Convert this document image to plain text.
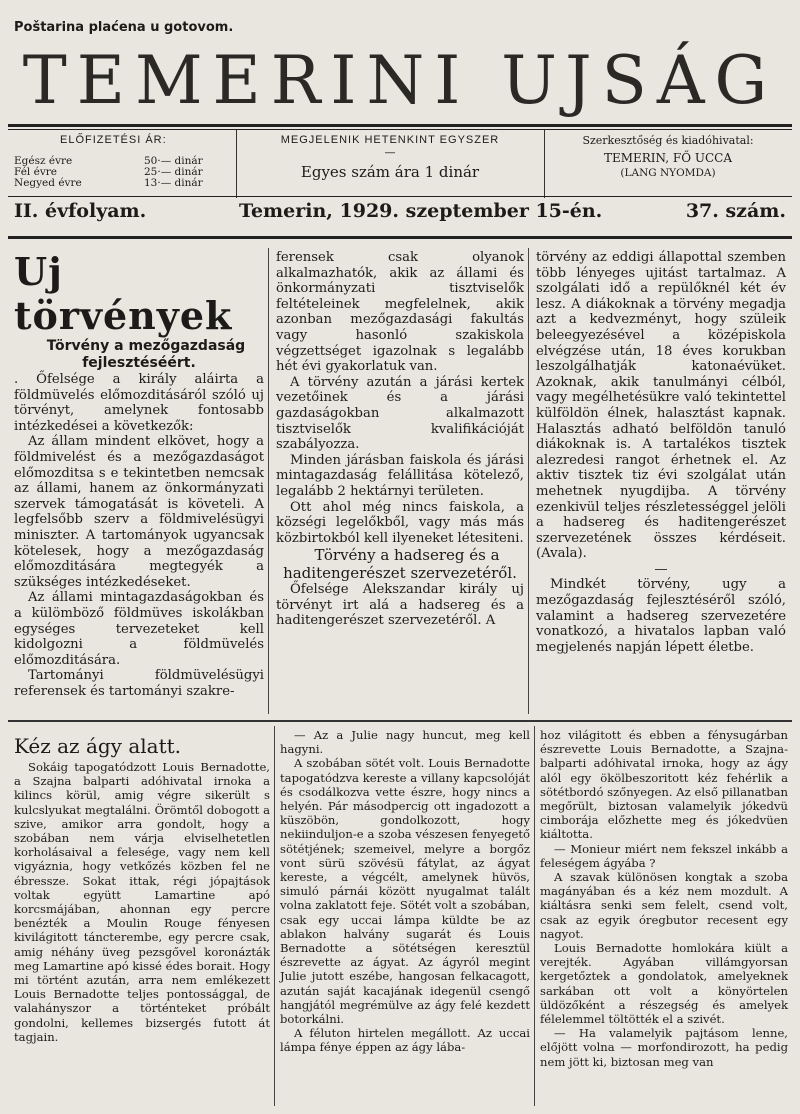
Poštarina plaćena u gotovom.
TEMERINI UJSÁG
ELŐFIZETÉSI ÁR:
Egész évre	50·— dinár
Fél évre	25·— dinár
Negyed évre	13·— dinár
MEGJELENIK HETENKINT EGYSZER
—
Egyes szám ára 1 dinár
Szerkesztőség és kiadóhivatal:
TEMERIN, FŐ UCCA
(LANG NYOMDA)
II. évfolyam.	Temerin, 1929. szeptember 15-én.	37. szám.

Uj törvények

Törvény a mezőgazdaság fejlesztéséért.

. Őfelsége a király aláirta a földmüvelés előmozditásáról szóló uj törvényt, amelynek fontosabb intézkedései a következők:

Az állam mindent elkövet, hogy a földmivelést és a mezőgazdaságot előmozditsa s e tekintetben nemcsak az állami, hanem az önkormányzati szervek támogatását is követeli. A legfelsőbb szerv a földmivelésügyi miniszter. A tartományok ugyancsak kötelesek, hogy a mezőgazdaság előmozditására megtegyék a szükséges intézkedéseket.

Az állami mintagazdaságokban és a külömböző földmüves iskolákban egységes tervezeteket kell kidolgozni a földmüvelés előmozditására.

Tartományi földmüvelésügyi referensek és tartományi szakre-

ferensek csak olyanok alkalmazhatók, akik az állami és önkormányzati tisztviselők feltételeinek megfelelnek, akik azonban mezőgazdasági fakultás vagy hasonló szakiskola végzettséget igazolnak s legalább hét évi gyakorlatuk van.

A törvény azután a járási kertek vezetőinek és a járási gazdaságokban alkalmazott tisztviselők kvalifikációját szabályozza.

Minden járásban faiskola és járási mintagazdaság felállitása kötelező, legalább 2 hektárnyi területen.

Ott ahol még nincs faiskola, a községi legelőkből, vagy más más közbirtokból kell ilyeneket létesiteni.

Törvény a hadsereg és a haditengerészet szervezetéről.

Őfelsége Alekszandar király uj törvényt irt alá a hadsereg és a haditengerészet szervezetéről. A

törvény az eddigi állapottal szemben több lényeges ujitást tartalmaz. A szolgálati idő a repülőknél két év lesz. A diákoknak a törvény megadja azt a kedvezményt, hogy szüleik beleegyezésével a középiskola elvégzése után, 18 éves korukban leszolgálhatják katonaévüket. Azoknak, akik tanulmányi célból, vagy megélhetésükre való tekintettel külföldön élnek, halasztást kapnak. Halasztás adható belföldön tanuló diákoknak is. A tartalékos tisztek alezredesi rangot érhetnek el. Az aktiv tisztek tiz évi szolgálat után mehetnek nyugdijba. A törvény ezenkivül teljes részletességgel jelöli a hadsereg és haditengerészet szervezetének összes kérdéseit. (Avala).

—

Mindkét törvény, ugy a mezőgazdaság fejlesztéséről szóló, valamint a hadsereg szervezetére vonatkozó, a hivatalos lapban való megjelenés napján lépett életbe.

Kéz az ágy alatt.

Sokáig tapogatódzott Louis Bernadotte, a Szajna balparti adóhivatal irnoka a kilincs körül, amig végre sikerült s kulcslyukat megtalálni. Örömtől dobogott a szive, amikor arra gondolt, hogy a szobában nem várja elviselhetetlen korholásaival a felesége, vagy nem kell vigyáznia, hogy vetkőzés közben fel ne ébressze. Sokat ittak, régi jópajtások voltak együtt Lamartine apó korcsmájában, ahonnan egy percre benézték a Moulin Rouge fényesen kivilágitott táncterembe, egy percre csak, amig néhány üveg pezsgővel koronázták meg Lamartine apó kissé édes borait. Hogy mi történt azután, arra nem emlékezett Louis Bernadotte teljes pontossággal, de valahányszor a történteket próbált gondolni, kellemes bizsergés futott át tagjain.

— Az a Julie nagy huncut, meg kell hagyni.

A szobában sötét volt. Louis Bernadotte tapogatódzva kereste a villany kapcsolóját és csodálkozva vette észre, hogy nincs a helyén. Pár másodpercig ott ingadozott a küszöbön, gondolkozott, hogy nekiinduljon-e a szoba vészesen fenyegető sötétjének; szemeivel, melyre a borgőz vont sürü szövésü fátylat, az ágyat kereste, a végcélt, amelynek hüvös, simuló párnái között nyugalmat talált volna zaklatott feje. Sötét volt a szobában, csak egy uccai lámpa küldte be az ablakon halvány sugarát és Louis Bernadotte a sötétségen keresztül észrevette az ágyat. Az ágyról megint Julie jutott eszébe, hangosan felkacagott, azután saját kacajának idegenül csengő hangjától megrémülve az ágy felé kezdett botorkálni.

A féluton hirtelen megállott. Az uccai lámpa fénye éppen az ágy lába-

hoz világitott és ebben a fénysugárban észrevette Louis Bernadotte, a Szajna-balparti adóhivatal irnoka, hogy az ágy alól egy ökölbeszoritott kéz fehérlik a sötétbordó szőnyegen. Az első pillanatban megőrült, biztosan valamelyik jókedvü cimborája előzhette meg és jókedvüen kiáltotta.

— Monieur miért nem fekszel inkább a feleségem ágyába ?

A szavak különösen kongtak a szoba magányában és a kéz nem mozdult. A kiáltásra senki sem felelt, csend volt, csak az egyik óregbutor recesent egy nagyot.

Louis Bernadotte homlokára kiült a verejték. Agyában villámgyorsan kergetőztek a gondolatok, amelyeknek sarkában ott volt a könyörtelen üldözőként a részegség és amelyek félelemmel töltötték el a szivét.

— Ha valamelyik pajtásom lenne, előjött volna — morfondirozott, ha pedig nem jött ki, biztosan meg van
